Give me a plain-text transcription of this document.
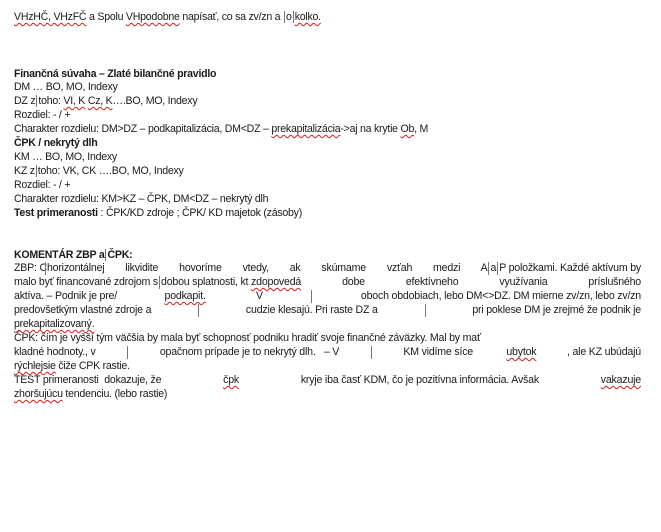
VHzHČ, VHzFČ a Spolu VHpodobne napísať, co sa zv/zn a o kolko.
Finančná súvaha – Zlaté bilančné pravidlo
DM … BO, MO, Indexy
DZ z toho: VI, K Cz, K….BO, MO, Indexy
Rozdiel: - / +
Charakter rozdielu: DM>DZ – podkapitalizácia, DM<DZ – prekapitalizácia->aj na krytie Ob, M
ČPK / nekrytý dlh
KM … BO, MO, Indexy
KZ z toho: VK, CK ….BO, MO, Indexy
Rozdiel: - / +
Charakter rozdielu: KM>KZ – ČPK, DM<DZ – nekrytý dlh
Test primeranosti : ČPK/KD zdroje ; ČPK/ KD majetok (zásoby)
KOMENTÁR ZBP a ČPK:
ZBP: C horizontálnej likvidite hovoríme vtedy, ak skúmame vzťah medzi A a P položkami. Každé aktívum by
malo byť financované zdrojom s dobou splatnosti, kt zdopovedá dobe efektívneho využívania príslušného
aktíva. – Podnik je pre/	podkapit.	V	oboch obdobiach, lebo DM<>DZ. DM mierne zv/zn, lebo zv/zn
predovšetkým vlastné zdroje a	cudzie klesajú. Pri raste DZ a	pri poklese DM je zrejmé že podnik je
prekapitalizovaný.
ČPK: čím je vyšší tým väčšia by mala byť schopnosť podniku hradiť svoje finančné záväzky. Mal by mať
kladné hodnoty., v	opačnom prípade je to nekrytý dlh.   – V	KM vidíme síce	ubytok	, ale KZ ubúdajú
rýchlejsie čiže CPK rastie.
TEST primeranosti  dokazuje, že	čpk	kryje iba časť KDM, čo je pozitívna informácia. Avšak	vakazuje
zhoršujúcu tendenciu. (lebo rastie)
